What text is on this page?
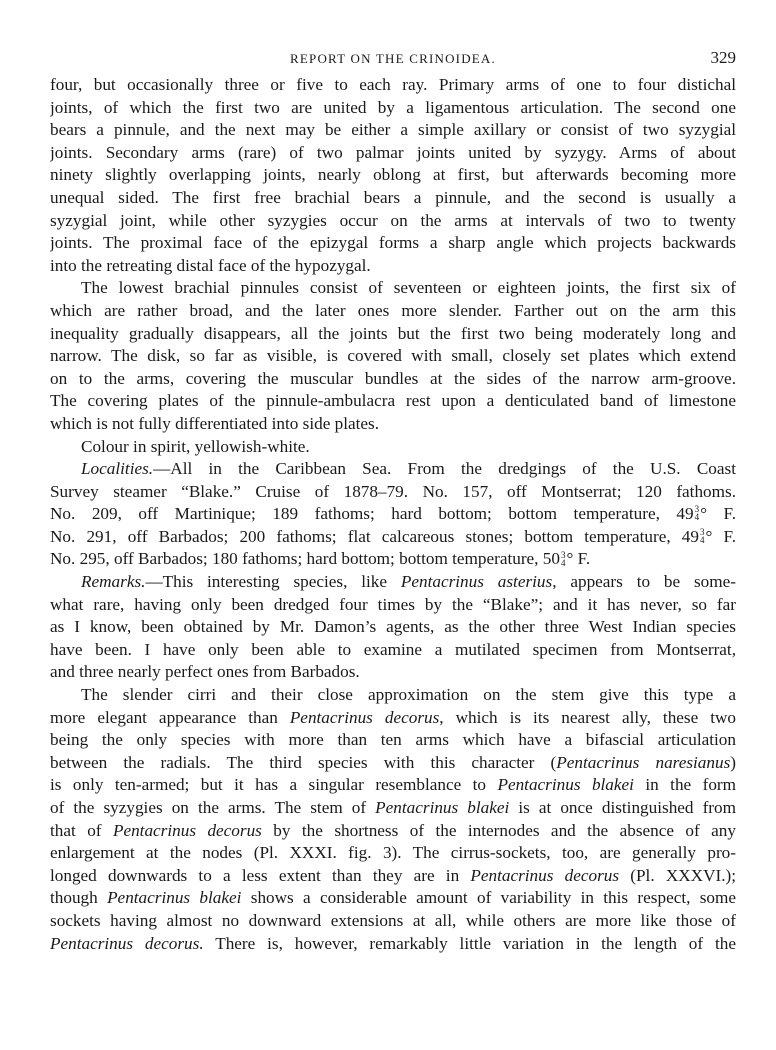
REPORT ON THE CRINOIDEA.	329
four, but occasionally three or five to each ray. Primary arms of one to four distichal
joints, of which the first two are united by a ligamentous articulation. The second one
bears a pinnule, and the next may be either a simple axillary or consist of two syzygial
joints. Secondary arms (rare) of two palmar joints united by syzygy. Arms of about
ninety slightly overlapping joints, nearly oblong at first, but afterwards becoming more
unequal sided. The first free brachial bears a pinnule, and the second is usually a
syzygial joint, while other syzygies occur on the arms at intervals of two to twenty
joints. The proximal face of the epizygal forms a sharp angle which projects backwards
into the retreating distal face of the hypozygal.
The lowest brachial pinnules consist of seventeen or eighteen joints, the first six of
which are rather broad, and the later ones more slender. Farther out on the arm this
inequality gradually disappears, all the joints but the first two being moderately long and
narrow. The disk, so far as visible, is covered with small, closely set plates which extend
on to the arms, covering the muscular bundles at the sides of the narrow arm-groove.
The covering plates of the pinnule-ambulacra rest upon a denticulated band of limestone
which is not fully differentiated into side plates.
Colour in spirit, yellowish-white.
Localities.—All in the Caribbean Sea. From the dredgings of the U.S. Coast
Survey steamer “Blake.” Cruise of 1878–79. No. 157, off Montserrat; 120 fathoms.
No. 209, off Martinique; 189 fathoms; hard bottom; bottom temperature, 49 3
4 ° F.
No. 291, off Barbados; 200 fathoms; flat calcareous stones; bottom temperature, 49 3
4 ° F.
No. 295, off Barbados; 180 fathoms; hard bottom; bottom temperature, 50 3
4 ° F.
Remarks.—This interesting species, like Pentacrinus asterius, appears to be some-
what rare, having only been dredged four times by the “Blake”; and it has never, so far
as I know, been obtained by Mr. Damon’s agents, as the other three West Indian species
have been. I have only been able to examine a mutilated specimen from Montserrat,
and three nearly perfect ones from Barbados.
The slender cirri and their close approximation on the stem give this type a
more elegant appearance than Pentacrinus decorus, which is its nearest ally, these two
being the only species with more than ten arms which have a bifascial articulation
between the radials. The third species with this character (Pentacrinus naresianus)
is only ten-armed; but it has a singular resemblance to Pentacrinus blakei in the form
of the syzygies on the arms. The stem of Pentacrinus blakei is at once distinguished from
that of Pentacrinus decorus by the shortness of the internodes and the absence of any
enlargement at the nodes (Pl. XXXI. fig. 3). The cirrus-sockets, too, are generally pro-
longed downwards to a less extent than they are in Pentacrinus decorus (Pl. XXXVI.);
though Pentacrinus blakei shows a considerable amount of variability in this respect, some
sockets having almost no downward extensions at all, while others are more like those of
Pentacrinus decorus. There is, however, remarkably little variation in the length of the
